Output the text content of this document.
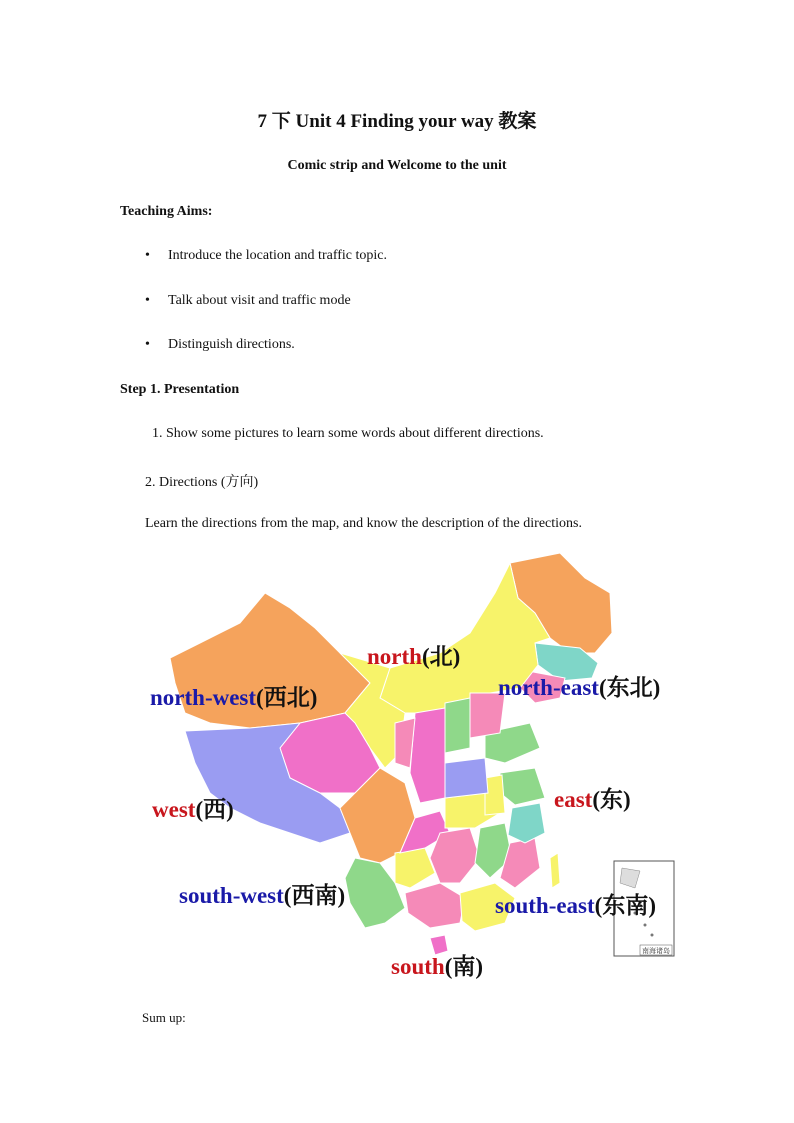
7 下 Unit 4 Finding your way 教案
Comic strip and Welcome to the unit
Teaching Aims:
• Introduce the location and traffic topic.
• Talk about visit and traffic mode
• Distinguish directions.
Step 1. Presentation
1. Show some pictures to learn some words about different directions.
2. Directions (方向)
Learn the directions from the map, and know the description of the directions.
南海诸岛
north(北)
north-west(西北)	north-east(东北)
west(西)	east(东)
south-west(西南)	south-east(东南)
south(南)
Sum up:
